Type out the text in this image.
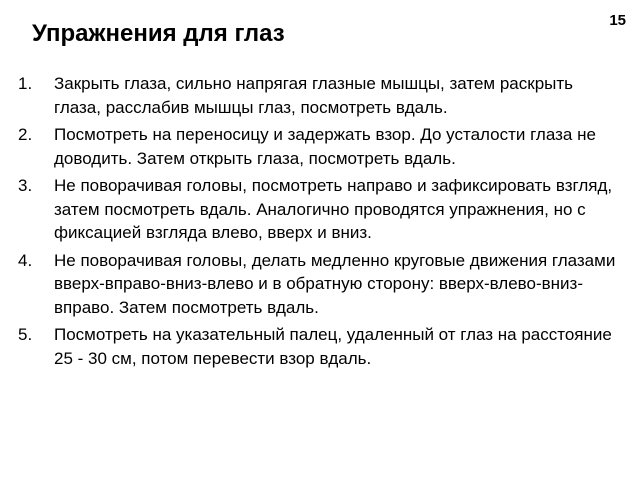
Упражнения для глаз	15
1.	Закрыть глаза, сильно напрягая глазные мышцы, затем раскрыть глаза, расслабив мышцы глаз, посмотреть вдаль.
2.	Посмотреть на переносицу и задержать взор. До усталости глаза не доводить. Затем открыть глаза, посмотреть вдаль.
3.	Не поворачивая головы, посмотреть направо и зафиксировать взгляд, затем посмотреть вдаль. Аналогично проводятся упражнения, но с фиксацией взгляда влево, вверх и вниз.
4.	Не поворачивая головы, делать медленно круговые движения глазами вверх-вправо-вниз-влево и в обратную сторону: вверх-влево-вниз-вправо. Затем посмотреть вдаль.
5.	Посмотреть на указательный палец, удаленный от глаз на расстояние 25 - 30 см, потом перевести взор вдаль.
